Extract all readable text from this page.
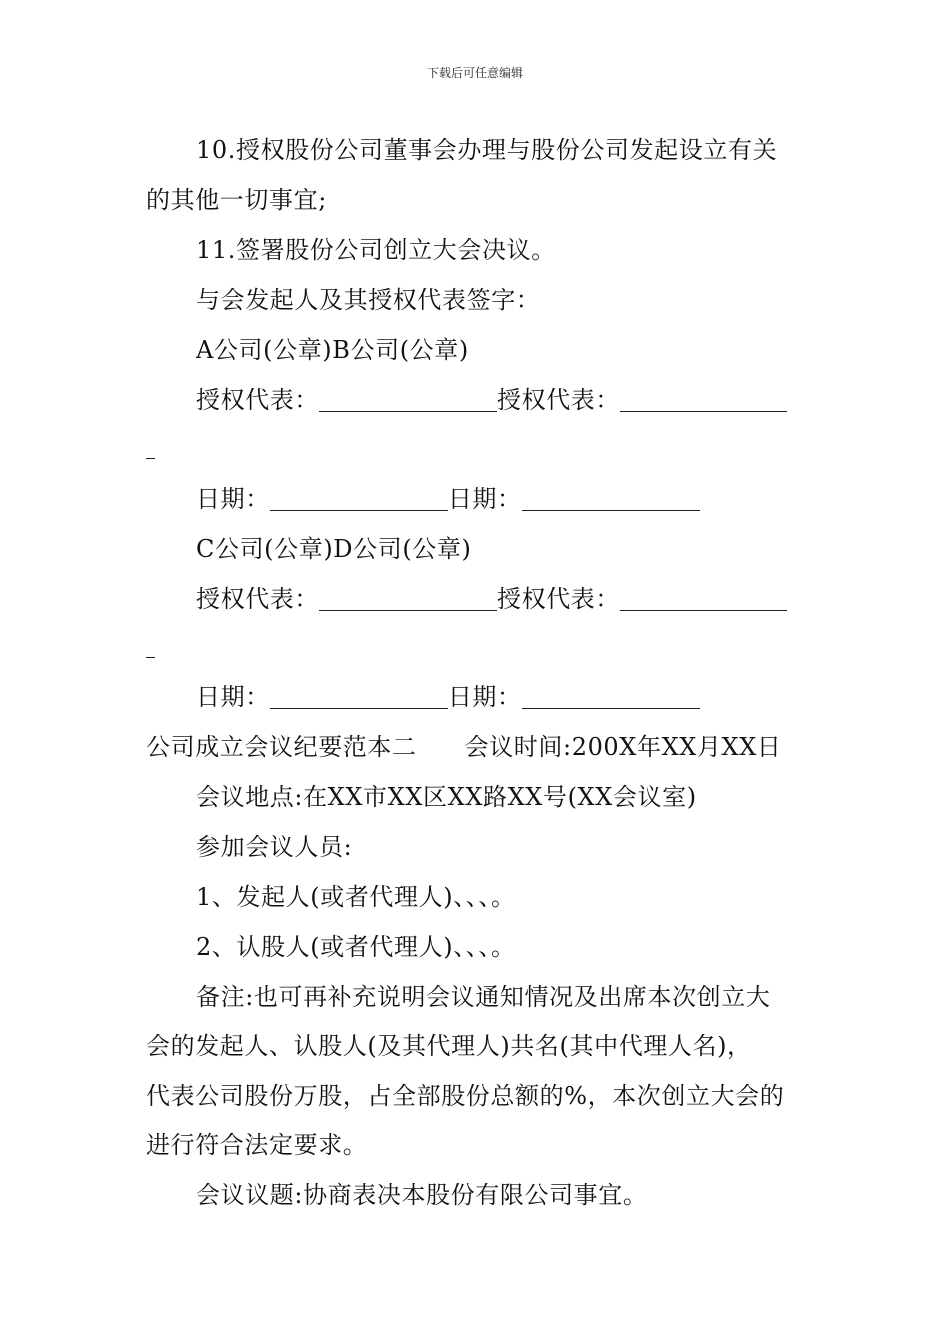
下载后可任意编辑
10.授权股份公司董事会办理与股份公司发起设立有关
的其他一切事宜;
11.签署股份公司创立大会决议。
与会发起人及其授权代表签字：
A公司(公章)B公司(公章)
授权代表：	授权代表：
日期：	日期：
C公司(公章)D公司(公章)
授权代表：	授权代表：
日期：	日期：
公司成立会议纪要范本二 会议时间:200X年XX月XX日
会议地点:在XX市XX区XX路XX号(XX会议室)
参加会议人员:
1、发起人(或者代理人)、、、。
2、认股人(或者代理人)、、、。
备注:也可再补充说明会议通知情况及出席本次创立大
会的发起人、认股人(及其代理人)共名(其中代理人名)，
代表公司股份万股，占全部股份总额的%，本次创立大会的
进行符合法定要求。
会议议题:协商表决本股份有限公司事宜。
